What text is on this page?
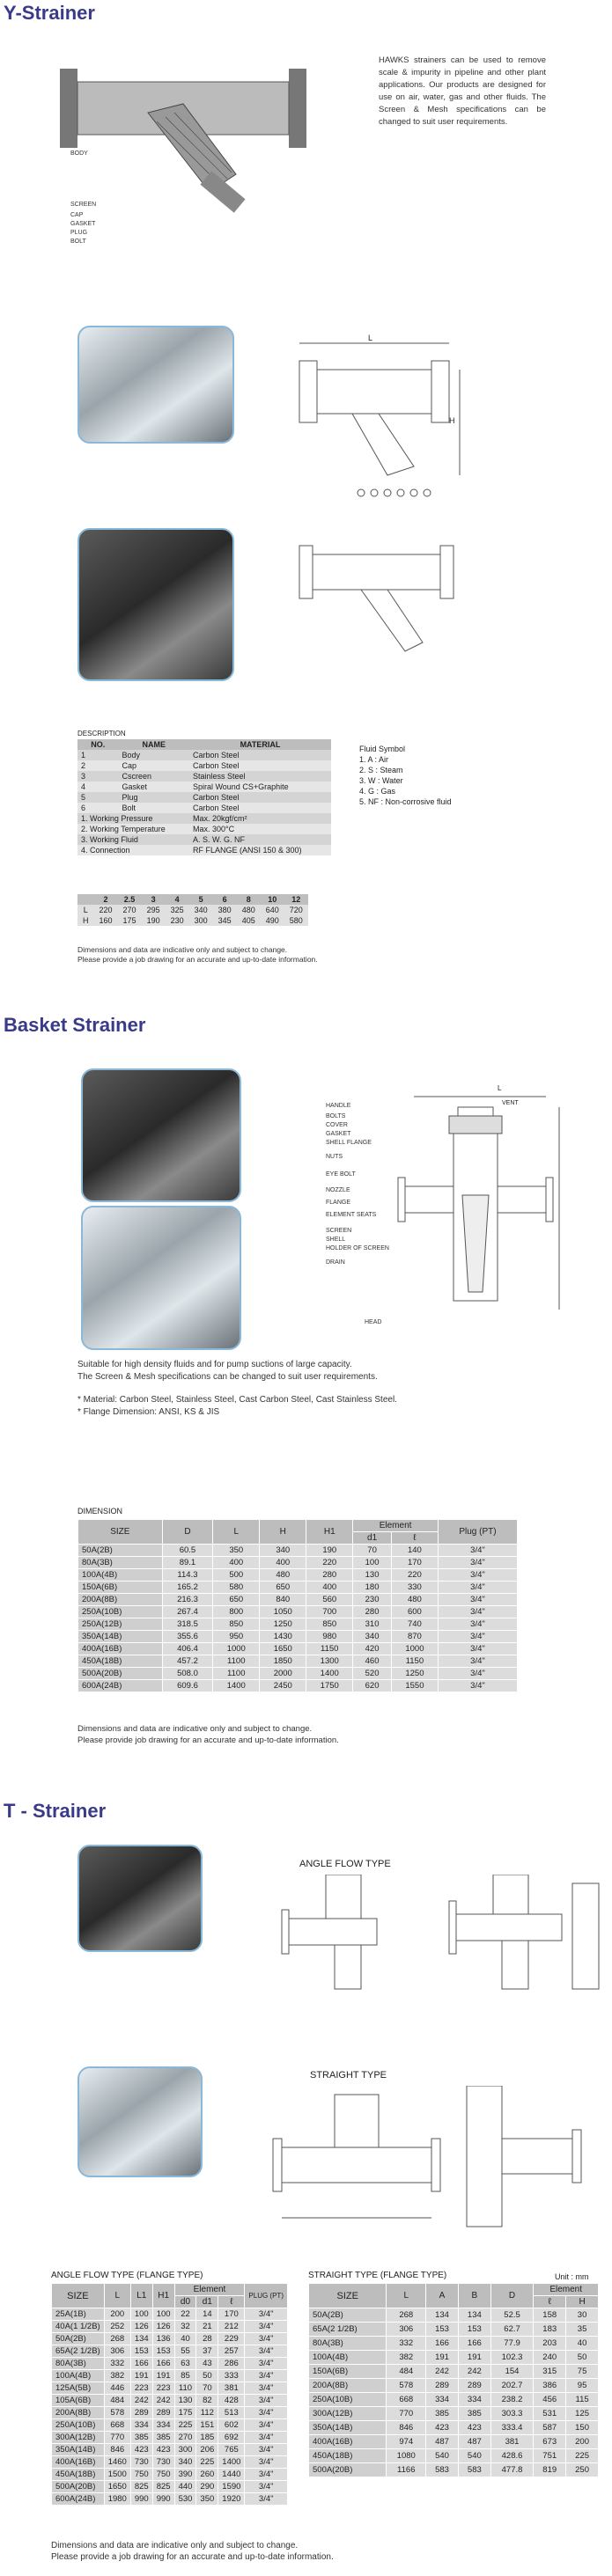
Y-Strainer
BODY
SCREEN
CAP
GASKET
PLUG
BOLT
HAWKS strainers can be used to remove scale & impurity in pipeline and other plant applications. Our products are designed for use on air, water, gas and other fluids. The Screen & Mesh specifications can be changed to suit user requirements.
L
H
DESCRIPTION
NO.	NAME	MATERIAL
1	Body	Carbon Steel
2	Cap	Carbon Steel
3	Cscreen	Stainless Steel
4	Gasket	Spiral Wound CS+Graphite
5	Plug	Carbon Steel
6	Bolt	Carbon Steel
1. Working Pressure		Max. 20kgf/cm²
2. Working Temperature		Max. 300°C
3. Working Fluid		A. S. W. G. NF
4. Connection		RF FLANGE (ANSI 150 & 300)
Fluid Symbol
1. A : Air
2. S : Steam
3. W : Water
4. G : Gas
5. NF : Non-corrosive fluid
	2	2.5	3	4	5	6	8	10	12
L	220	270	295	325	340	380	480	640	720
H	160	175	190	230	300	345	405	490	580
Dimensions and data are indicative only and subject to change.
Please provide a job drawing for an accurate and up-to-date information.
Basket Strainer
L
VENT
HANDLE
BOLTS
COVER
GASKET
SHELL FLANGE
NUTS
EYE BOLT
NOZZLE
FLANGE
ELEMENT SEATS
SCREEN
SHELL
HOLDER OF SCREEN
DRAIN
HEAD
Suitable for high density fluids and for pump suctions of large capacity.
The Screen & Mesh specifications can be changed to suit user requirements.
* Material: Carbon Steel, Stainless Steel, Cast Carbon Steel, Cast Stainless Steel.
* Flange Dimension: ANSI, KS & JIS
DIMENSION
SIZE	D	L	H	H1	Element		Plug (PT)
					d1	ℓ	
50A(2B)	60.5	350	340	190	70	140	3/4"
80A(3B)	89.1	400	400	220	100	170	3/4"
100A(4B)	114.3	500	480	280	130	220	3/4"
150A(6B)	165.2	580	650	400	180	330	3/4"
200A(8B)	216.3	650	840	560	230	480	3/4"
250A(10B)	267.4	800	1050	700	280	600	3/4"
250A(12B)	318.5	850	1250	850	310	740	3/4"
350A(14B)	355.6	950	1430	980	340	870	3/4"
400A(16B)	406.4	1000	1650	1150	420	1000	3/4"
450A(18B)	457.2	1100	1850	1300	460	1150	3/4"
500A(20B)	508.0	1100	2000	1400	520	1250	3/4"
600A(24B)	609.6	1400	2450	1750	620	1550	3/4"
Dimensions and data are indicative only and subject to change.
Please provide job drawing for an accurate and up-to-date information.
T - Strainer
ANGLE FLOW TYPE
STRAIGHT TYPE
ANGLE FLOW TYPE (FLANGE TYPE)	STRAIGHT TYPE (FLANGE TYPE)	Unit : mm
SIZE	L	L1	H1	Element			PLUG (PT)
				d0	d1	ℓ	
25A(1B)	200	100	100	22	14	170	3/4"
40A(1 1/2B)	252	126	126	32	21	212	3/4"
50A(2B)	268	134	136	40	28	229	3/4"
65A(2 1/2B)	306	153	153	55	37	257	3/4"
80A(3B)	332	166	166	63	43	286	3/4"
100A(4B)	382	191	191	85	50	333	3/4"
125A(5B)	446	223	223	110	70	381	3/4"
105A(6B)	484	242	242	130	82	428	3/4"
200A(8B)	578	289	289	175	112	513	3/4"
250A(10B)	668	334	334	225	151	602	3/4"
300A(12B)	770	385	385	270	185	692	3/4"
350A(14B)	846	423	423	300	206	765	3/4"
400A(16B)	1460	730	730	340	225	1400	3/4"
450A(18B)	1500	750	750	390	260	1440	3/4"
500A(20B)	1650	825	825	440	290	1590	3/4"
600A(24B)	1980	990	990	530	350	1920	3/4"
SIZE	L	A	B	D	Element	
					ℓ	H
50A(2B)	268	134	134	52.5	158	30
65A(2 1/2B)	306	153	153	62.7	183	35
80A(3B)	332	166	166	77.9	203	40
100A(4B)	382	191	191	102.3	240	50
150A(6B)	484	242	242	154	315	75
200A(8B)	578	289	289	202.7	386	95
250A(10B)	668	334	334	238.2	456	115
300A(12B)	770	385	385	303.3	531	125
350A(14B)	846	423	423	333.4	587	150
400A(16B)	974	487	487	381	673	200
450A(18B)	1080	540	540	428.6	751	225
500A(20B)	1166	583	583	477.8	819	250
Dimensions and data are indicative only and subject to change.
Please provide a job drawing for an accurate and up-to-date information.
